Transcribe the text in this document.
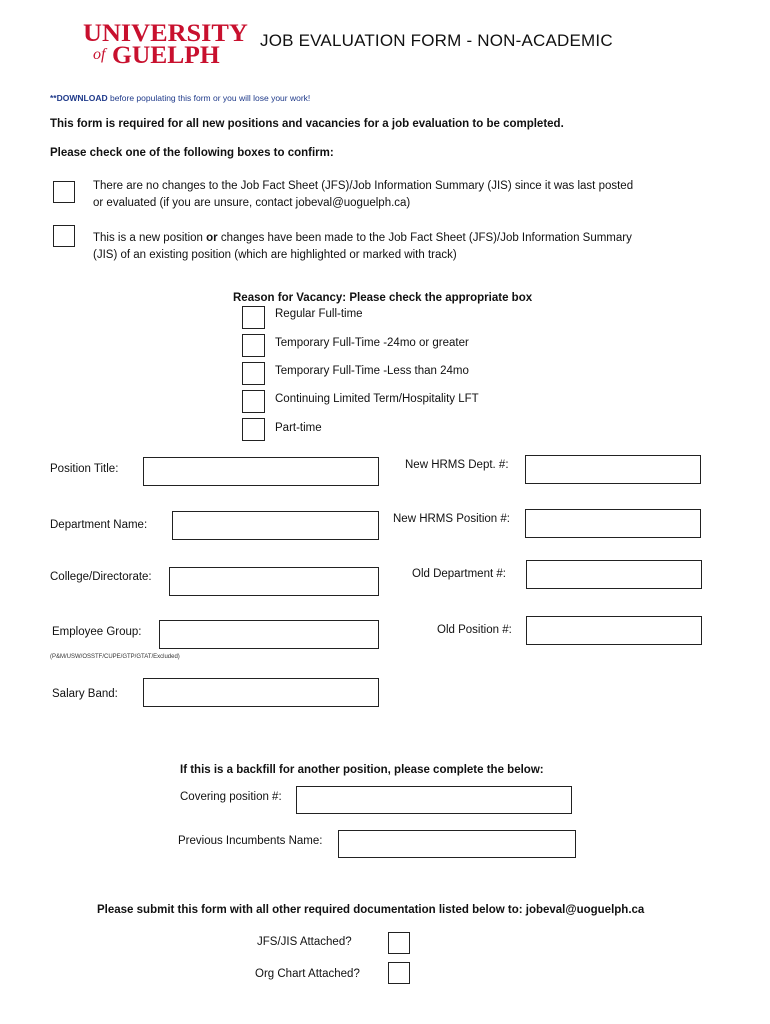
UNIVERSITY
of GUELPH
JOB EVALUATION FORM - NON-ACADEMIC
**DOWNLOAD before populating this form or you will lose your work!
This form is required for all new positions and vacancies for a job evaluation to be completed.
Please check one of the following boxes to confirm:
There are no changes to the Job Fact Sheet (JFS)/Job Information Summary (JIS) since it was last posted
or evaluated (if you are unsure, contact jobeval@uoguelph.ca)
This is a new position or changes have been made to the Job Fact Sheet (JFS)/Job Information Summary
(JIS) of an existing position (which are highlighted or marked with track)
Reason for Vacancy: Please check the appropriate box
Regular Full-time
Temporary Full-Time -24mo or greater
Temporary Full-Time -Less than 24mo
Continuing Limited Term/Hospitality LFT
Part-time
Position Title:
Department Name:
College/Directorate:
Employee Group:
(P&M/USW/OSSTF/CUPE/GTP/GTAT/Excluded)
Salary Band:
New HRMS Dept. #:
New HRMS Position #:
Old Department #:
Old Position #:
If this is a backfill for another position, please complete the below:
Covering position #:
Previous Incumbents Name:
Please submit this form with all other required documentation listed below to: jobeval@uoguelph.ca
JFS/JIS Attached?
Org Chart Attached?
